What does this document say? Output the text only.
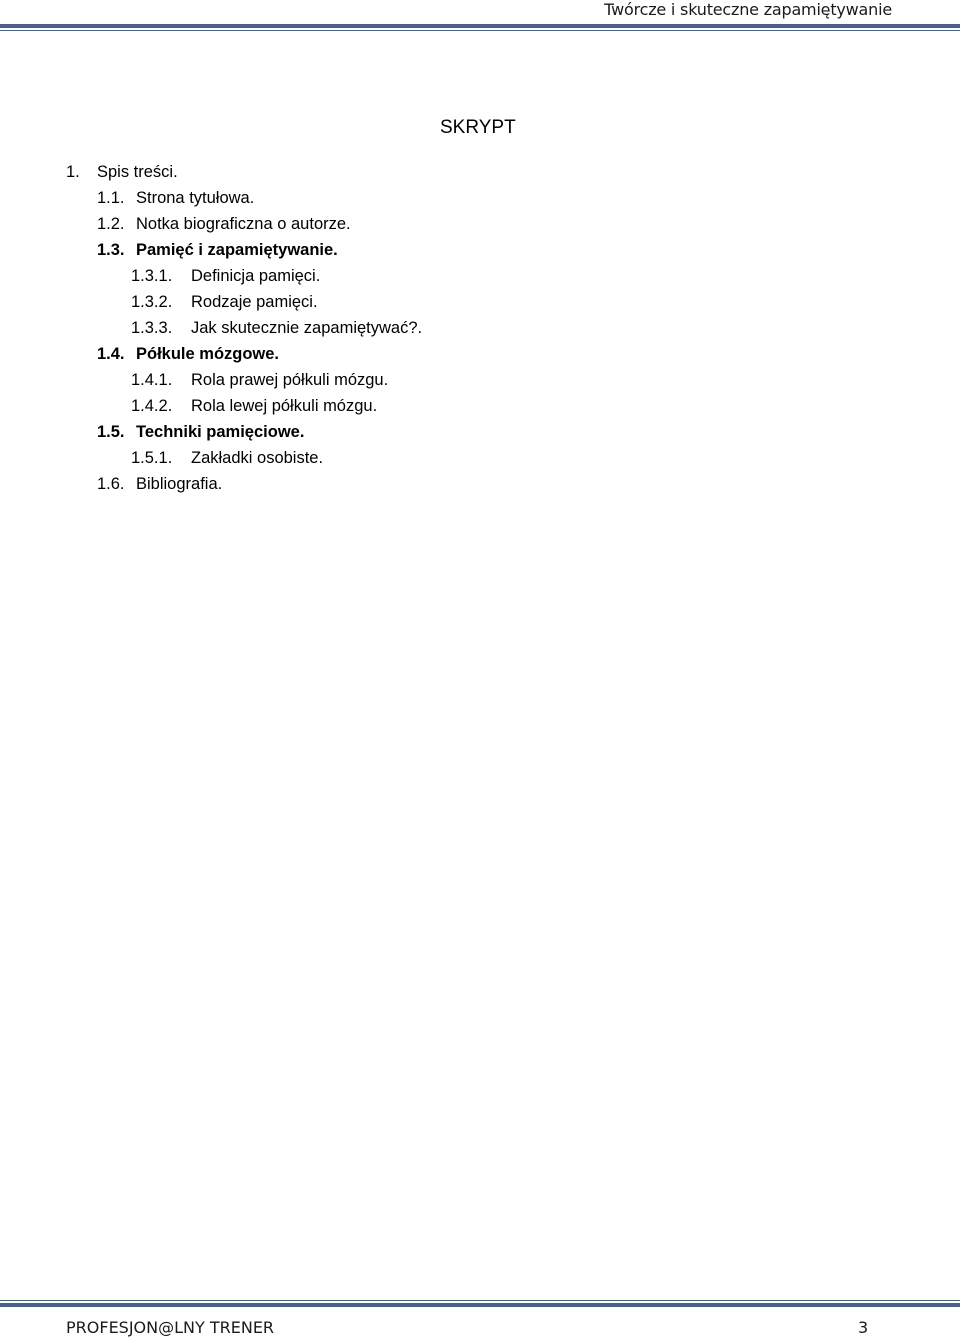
Twórcze i skuteczne zapamiętywanie
SKRYPT
1. Spis treści.
1.1. Strona tytułowa.
1.2. Notka biograficzna o autorze.
1.3. Pamięć i zapamiętywanie.
1.3.1. Definicja pamięci.
1.3.2. Rodzaje pamięci.
1.3.3. Jak skutecznie zapamiętywać?.
1.4. Półkule mózgowe.
1.4.1. Rola prawej półkuli mózgu.
1.4.2. Rola lewej półkuli mózgu.
1.5. Techniki pamięciowe.
1.5.1. Zakładki osobiste.
1.6. Bibliografia.
PROFESJON@LNY TRENER	3
